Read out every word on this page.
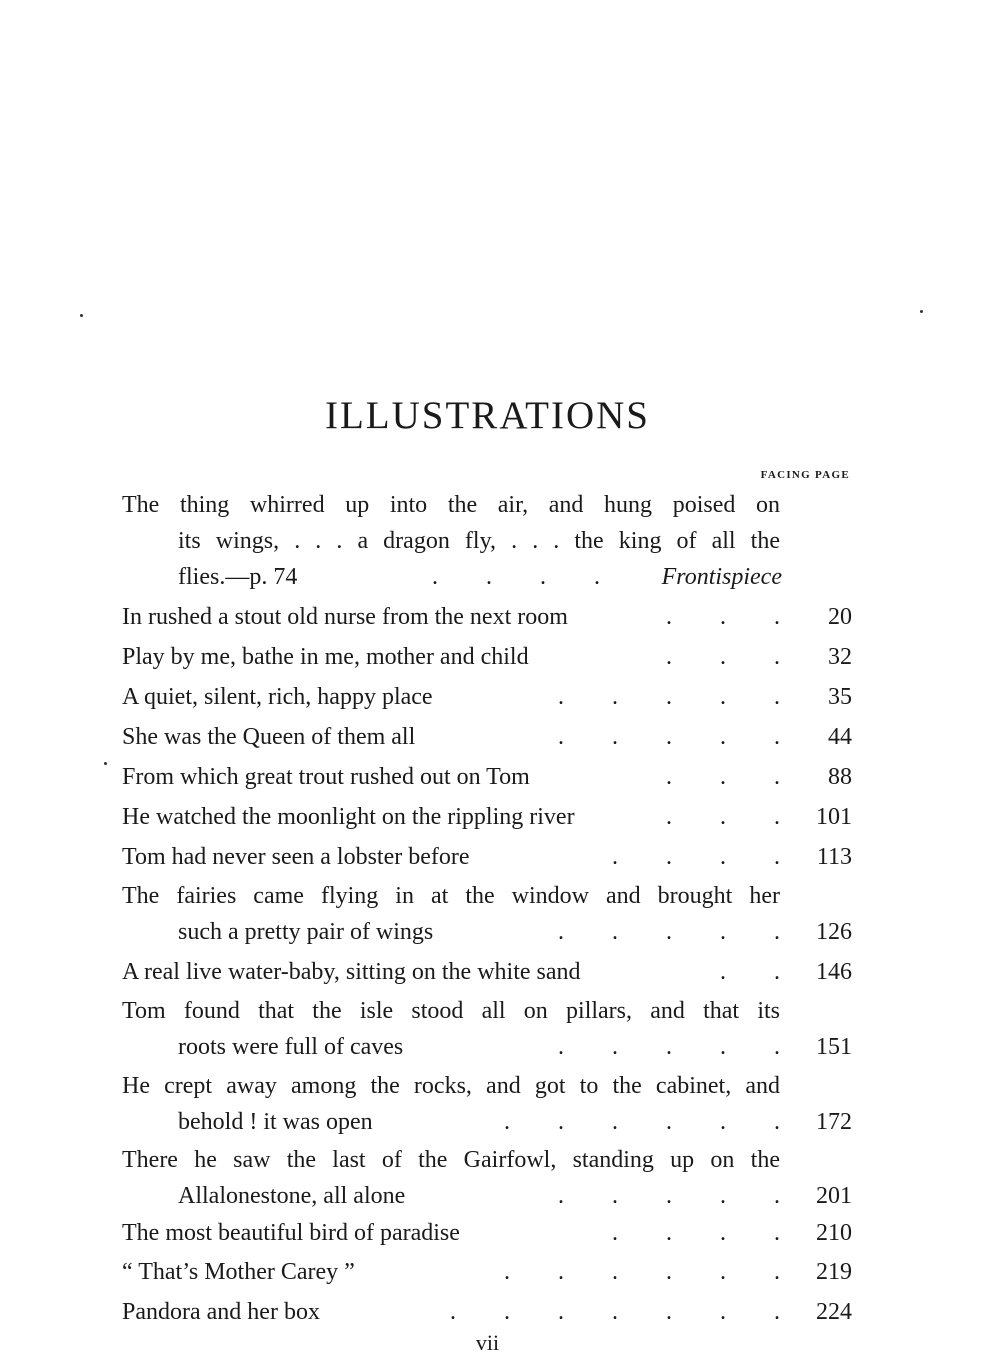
ILLUSTRATIONS
FACING PAGE
The thing whirred up into the air, and hung poised on
its wings, . . . a dragon fly, . . . the king of all the
flies.—p. 74	.  .  .  .	Frontispiece
In rushed a stout old nurse from the next room	.  .  .	20
Play by me, bathe in me, mother and child	.  .  .	32
A quiet, silent, rich, happy place	.  .  .  .  .	35
She was the Queen of them all	.  .  .  .  .	44
From which great trout rushed out on Tom	.  .  .	88
He watched the moonlight on the rippling river	.  .  .	101
Tom had never seen a lobster before	.  .  .  .	113
The fairies came flying in at the window and brought her
such a pretty pair of wings	.  .  .  .  .	126
A real live water-baby, sitting on the white sand	.  .	146
Tom found that the isle stood all on pillars, and that its
roots were full of caves	.  .  .  .  .	151
He crept away among the rocks, and got to the cabinet, and
behold ! it was open	.  .  .  .  .  .	172
There he saw the last of the Gairfowl, standing up on the
Allalonestone, all alone	.  .  .  .  .	201
The most beautiful bird of paradise	.  .  .  .	210
“ That’s Mother Carey ”	.  .  .  .  .  .	219
Pandora and her box	.  .  .  .  .  .  .	224
vii
